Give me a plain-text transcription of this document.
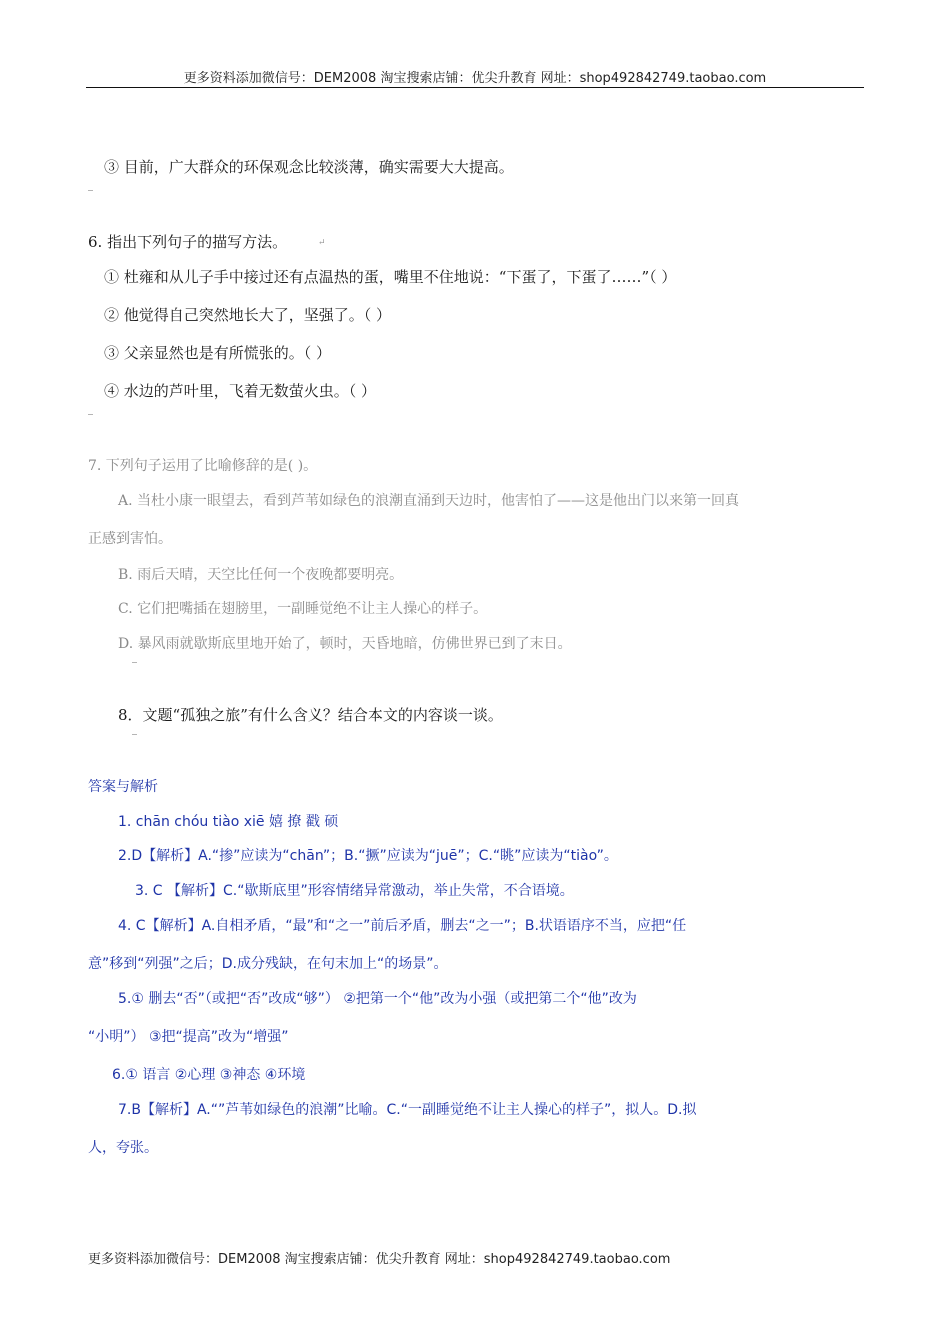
更多资料添加微信号：DEM2008 淘宝搜索店铺：优尖升教育 网址：shop492842749.taobao.com
③ 目前，广大群众的环保观念比较淡薄，确实需要大大提高。
6. 指出下列句子的描写方法。	↵
① 杜雍和从儿子手中接过还有点温热的蛋，嘴里不住地说：“下蛋了，下蛋了……”（ ）
② 他觉得自己突然地长大了，坚强了。（ ）
③ 父亲显然也是有所慌张的。（ ）
④ 水边的芦叶里，飞着无数萤火虫。（ ）
7. 下列句子运用了比喻修辞的是( )。
A. 当杜小康一眼望去，看到芦苇如绿色的浪潮直涌到天边时，他害怕了——这是他出门以来第一回真
正感到害怕。
B. 雨后天晴，天空比任何一个夜晚都要明亮。
C. 它们把嘴插在翅膀里，一副睡觉绝不让主人操心的样子。
D. 暴风雨就歇斯底里地开始了，顿时，天昏地暗，仿佛世界已到了末日。
8．文题“孤独之旅”有什么含义？结合本文的内容谈一谈。
答案与解析
1. chān chóu tiào xiē 嬉 撩 戳 硕
2.D【解析】A.“掺”应读为“chān”；B.“撅”应读为“juē”；C.“眺”应读为“tiào”。
3. C 【解析】C.“歇斯底里”形容情绪异常激动，举止失常，不合语境。
4. C【解析】A.自相矛盾，“最”和“之一”前后矛盾，删去“之一”；B.状语语序不当，应把“任
意”移到“列强”之后；D.成分残缺，在句末加上“的场景”。
5.① 删去“否”（或把“否”改成“够”） ②把第一个“他”改为小强（或把第二个“他”改为
“小明”） ③把“提高”改为“增强”
6.① 语言 ②心理 ③神态 ④环境
7.B【解析】A.“”芦苇如绿色的浪潮”比喻。C.“一副睡觉绝不让主人操心的样子”，拟人。D.拟
人，夸张。
更多资料添加微信号：DEM2008 淘宝搜索店铺：优尖升教育 网址：shop492842749.taobao.com
